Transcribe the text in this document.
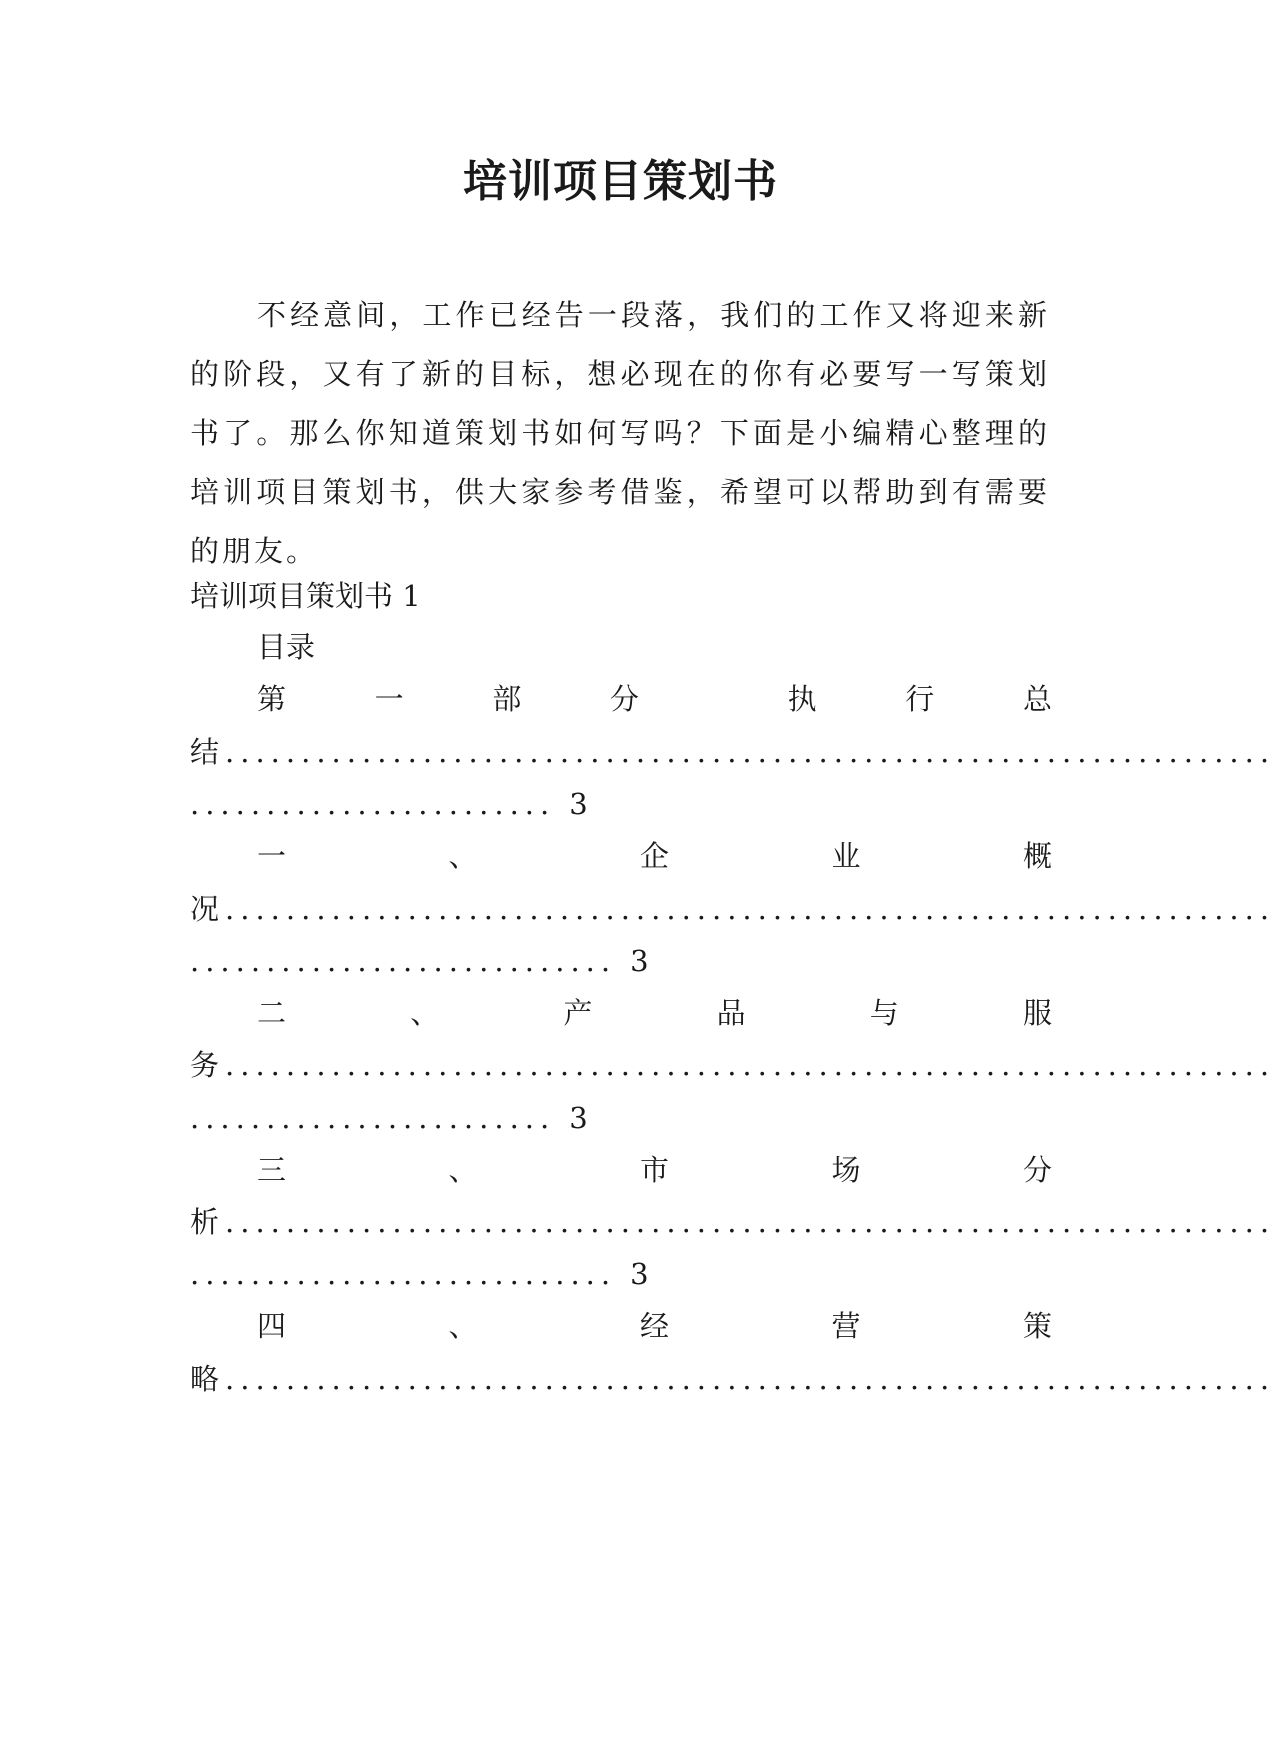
培训项目策划书
不经意间，工作已经告一段落，我们的工作又将迎来新的阶段，又有了新的目标，想必现在的你有必要写一写策划书了。那么你知道策划书如何写吗？下面是小编精心整理的培训项目策划书，供大家参考借鉴，希望可以帮助到有需要的朋友。
培训项目策划书 1
目录
第	一	部	分	执	行	总
结 .....................................................................
........................ 3
一	、	企	业	概
况 .....................................................................
............................ 3
二	、	产	品	与	服
务 .....................................................................
........................ 3
三	、	市	场	分
析 .....................................................................
............................ 3
四	、	经	营	策
略 .....................................................................
